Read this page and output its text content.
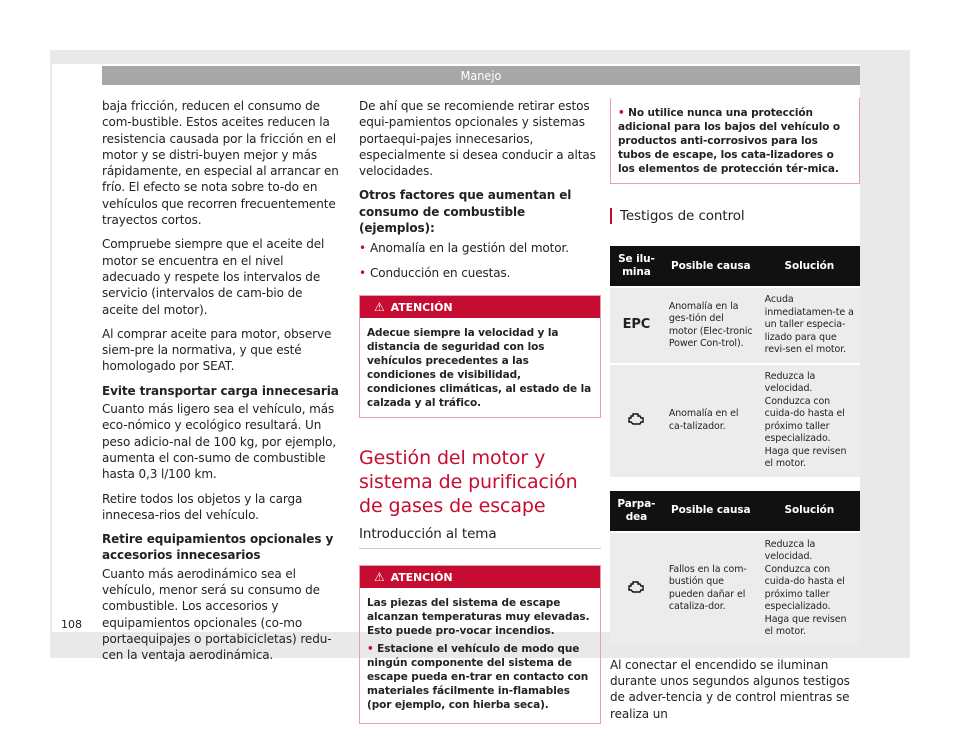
Manejo

baja fricción, reducen el consumo de com-bustible. Estos aceites reducen la resistencia causada por la fricción en el motor y se distri-buyen mejor y más rápidamente, en especial al arrancar en frío. El efecto se nota sobre to-do en vehículos que recorren frecuentemente trayectos cortos.

Compruebe siempre que el aceite del motor se encuentra en el nivel adecuado y respete los intervalos de servicio (intervalos de cam-bio de aceite del motor).

Al comprar aceite para motor, observe siem-pre la normativa, y que esté homologado por SEAT.

Evite transportar carga innecesaria

Cuanto más ligero sea el vehículo, más eco-nómico y ecológico resultará. Un peso adicio-nal de 100 kg, por ejemplo, aumenta el con-sumo de combustible hasta 0,3 l/100 km.

Retire todos los objetos y la carga innecesa-rios del vehículo.

Retire equipamientos opcionales y accesorios innecesarios

Cuanto más aerodinámico sea el vehículo, menor será su consumo de combustible. Los accesorios y equipamientos opcionales (co-mo portaequipajes o portabicicletas) redu-cen la ventaja aerodinámica.

De ahí que se recomiende retirar estos equi-pamientos opcionales y sistemas portaequi-pajes innecesarios, especialmente si desea conducir a altas velocidades.

Otros factores que aumentan el consumo de combustible (ejemplos):

• Anomalía en la gestión del motor.

• Conducción en cuestas.

⚠ ATENCIÓN
Adecue siempre la velocidad y la distancia de seguridad con los vehículos precedentes a las condiciones de visibilidad, condiciones climáticas, al estado de la calzada y al tráfico.
Gestión del motor y sistema de purificación de gases de escape
Introducción al tema
⚠ ATENCIÓN

Las piezas del sistema de escape alcanzan temperaturas muy elevadas. Esto puede pro-vocar incendios.

• Estacione el vehículo de modo que ningún componente del sistema de escape pueda en-trar en contacto con materiales fácilmente in-flamables (por ejemplo, con hierba seca).

• No utilice nunca una protección adicional para los bajos del vehículo o productos anti-corrosivos para los tubos de escape, los cata-lizadores o los elementos de protección tér-mica.
Testigos de control
Se ilu-mina	Posible causa	Solución
EPC	Anomalía en la ges-tión del motor (Elec-tronic Power Con-trol).	Acuda inmediatamen-te a un taller especia-lizado para que revi-sen el motor.
	Anomalía en el ca-talizador.	Reduzca la velocidad. Conduzca con cuida-do hasta el próximo taller especializado. Haga que revisen el motor.
Parpa-dea	Posible causa	Solución
	Fallos en la com-bustión que pueden dañar el cataliza-dor.	Reduzca la velocidad. Conduzca con cuida-do hasta el próximo taller especializado. Haga que revisen el motor.

Al conectar el encendido se iluminan durante unos segundos algunos testigos de adver-tencia y de control mientras se realiza un

108
